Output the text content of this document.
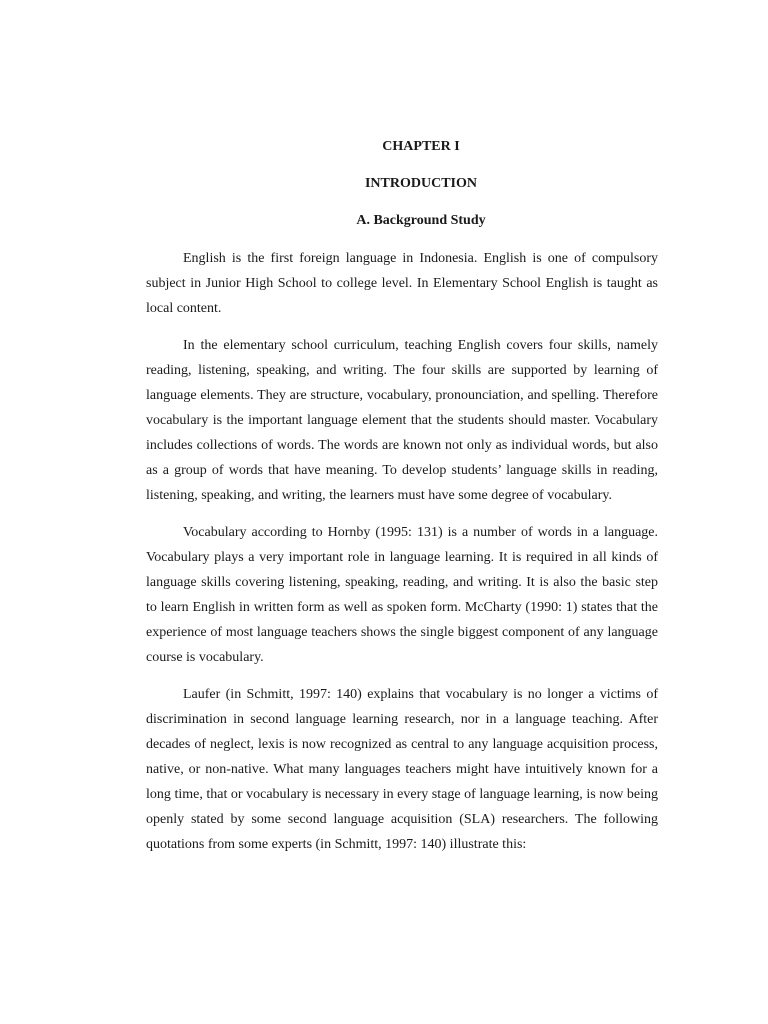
CHAPTER I
INTRODUCTION
A. Background Study

English is the first foreign language in Indonesia. English is one of compulsory subject in Junior High School to college level. In Elementary School English is taught as local content.

In the elementary school curriculum, teaching English covers four skills, namely reading, listening, speaking, and writing. The four skills are supported by learning of language elements. They are structure, vocabulary, pronounciation, and spelling. Therefore vocabulary is the important language element that the students should master. Vocabulary includes collections of words. The words are known not only as individual words, but also as a group of words that have meaning. To develop students’ language skills in reading, listening, speaking, and writing, the learners must have some degree of vocabulary.

Vocabulary according to Hornby (1995: 131) is a number of words in a language. Vocabulary plays a very important role in language learning. It is required in all kinds of language skills covering listening, speaking, reading, and writing. It is also the basic step to learn English in written form as well as spoken form. McCharty (1990: 1) states that the experience of most language teachers shows the single biggest component of any language course is vocabulary.

Laufer (in Schmitt, 1997: 140) explains that vocabulary is no longer a victims of discrimination in second language learning research, nor in a language teaching. After decades of neglect, lexis is now recognized as central to any language acquisition process, native, or non-native. What many languages teachers might have intuitively known for a long time, that or vocabulary is necessary in every stage of language learning, is now being openly stated by some second language acquisition (SLA) researchers. The following quotations from some experts (in Schmitt, 1997: 140) illustrate this:
